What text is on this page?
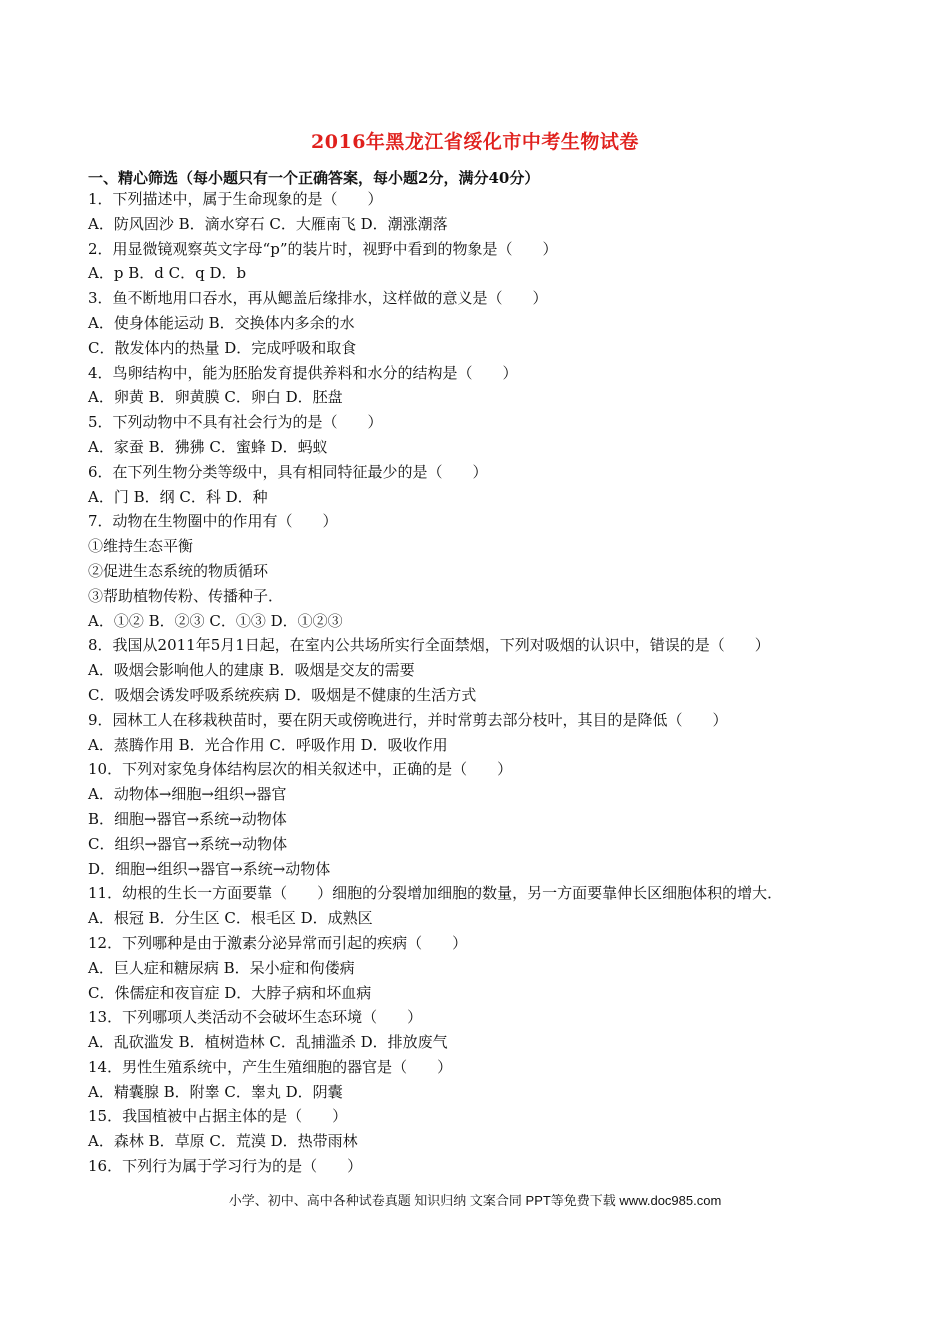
2016年黑龙江省绥化市中考生物试卷
一、精心筛选（每小题只有一个正确答案，每小题2分，满分40分）
1．下列描述中，属于生命现象的是（　　）
A．防风固沙 B．滴水穿石 C．大雁南飞 D．潮涨潮落
2．用显微镜观察英文字母“p”的装片时，视野中看到的物象是（　　）
A．p B．d C．q D．b
3．鱼不断地用口吞水，再从鳃盖后缘排水，这样做的意义是（　　）
A．使身体能运动 B．交换体内多余的水
C．散发体内的热量 D．完成呼吸和取食
4．鸟卵结构中，能为胚胎发育提供养料和水分的结构是（　　）
A．卵黄 B．卵黄膜 C．卵白 D．胚盘
5．下列动物中不具有社会行为的是（　　）
A．家蚕 B．狒狒 C．蜜蜂 D．蚂蚁
6．在下列生物分类等级中，具有相同特征最少的是（　　）
A．门 B．纲 C．科 D．种
7．动物在生物圈中的作用有（　　）
①维持生态平衡
②促进生态系统的物质循环
③帮助植物传粉、传播种子．
A．①② B．②③ C．①③ D．①②③
8．我国从2011年5月1日起，在室内公共场所实行全面禁烟，下列对吸烟的认识中，错误的是（　　）
A．吸烟会影响他人的建康 B．吸烟是交友的需要
C．吸烟会诱发呼吸系统疾病 D．吸烟是不健康的生活方式
9．园林工人在移栽秧苗时，要在阴天或傍晚进行，并时常剪去部分枝叶，其目的是降低（　　）
A．蒸腾作用 B．光合作用 C．呼吸作用 D．吸收作用
10．下列对家兔身体结构层次的相关叙述中，正确的是（　　）
A．动物体→细胞→组织→器官
B．细胞→器官→系统→动物体
C．组织→器官→系统→动物体
D．细胞→组织→器官→系统→动物体
11．幼根的生长一方面要靠（　　）细胞的分裂增加细胞的数量，另一方面要靠伸长区细胞体积的增大．
A．根冠 B．分生区 C．根毛区 D．成熟区
12．下列哪种是由于激素分泌异常而引起的疾病（　　）
A．巨人症和糖尿病 B．呆小症和佝偻病
C．侏儒症和夜盲症 D．大脖子病和坏血病
13．下列哪项人类活动不会破坏生态环境（　　）
A．乱砍滥发 B．植树造林 C．乱捕滥杀 D．排放废气
14．男性生殖系统中，产生生殖细胞的器官是（　　）
A．精囊腺 B．附睾 C．睾丸 D．阴囊
15．我国植被中占据主体的是（　　）
A．森林 B．草原 C．荒漠 D．热带雨林
16．下列行为属于学习行为的是（　　）
小学、初中、高中各种试卷真题 知识归纳 文案合同 PPT等免费下载 www.doc985.com
